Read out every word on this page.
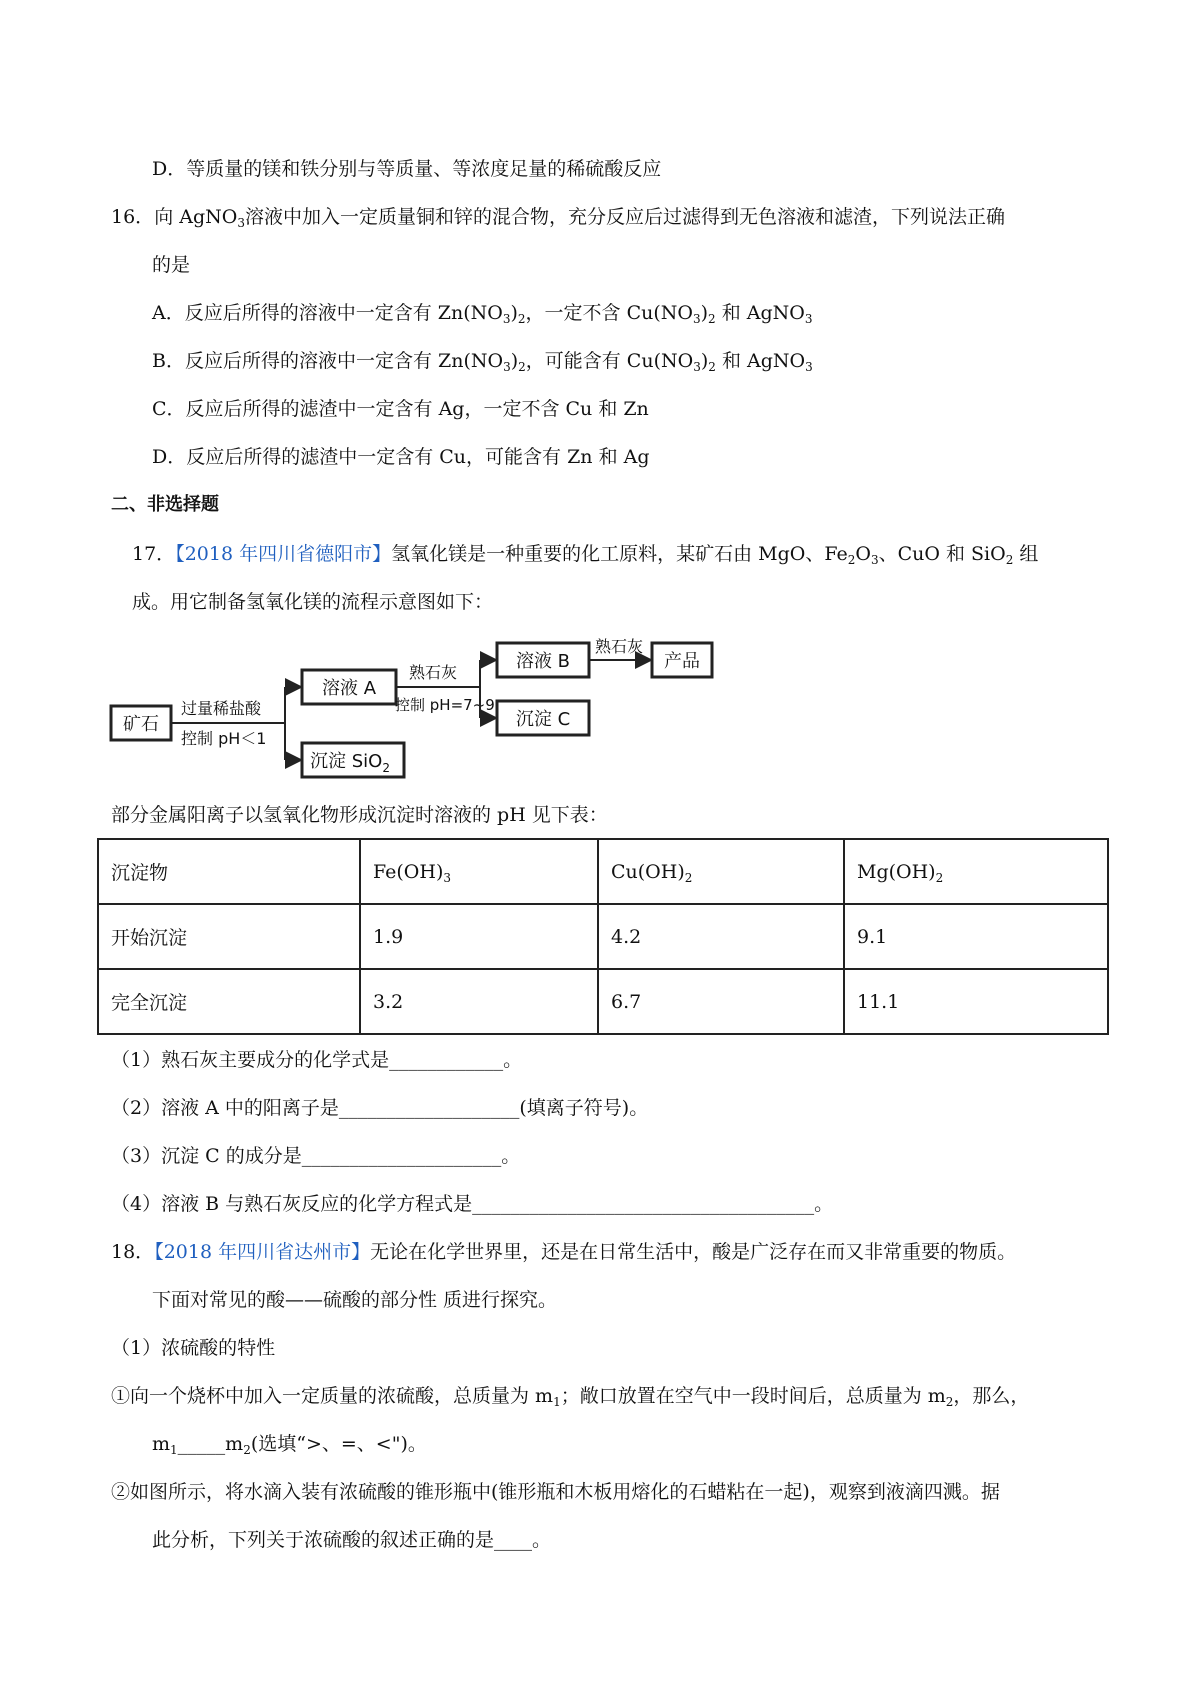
D．等质量的镁和铁分别与等质量、等浓度足量的稀硫酸反应
16．向 AgNO$_3$溶液中加入一定质量铜和锌的混合物，充分反应后过滤得到无色溶液和滤渣，下列说法正确
的是
A．反应后所得的溶液中一定含有 $Zn(NO_3)_2$，一定不含 $Cu(NO_3)_2$ 和 AgNO$_3$
B．反应后所得的溶液中一定含有 $Zn(NO_3)_2$，可能含有 $Cu(NO_3)_2$ 和 AgNO$_3$
C．反应后所得的滤渣中一定含有 Ag，一定不含 Cu 和 Zn
D．反应后所得的滤渣中一定含有 Cu，可能含有 Zn 和 Ag
二、非选择题
17．【2018 年四川省德阳市】氢氧化镁是一种重要的化工原料，某矿石由 MgO、$Fe_2O_3$、CuO 和 SiO$_2$ 组
成。用它制备氢氧化镁的流程示意图如下：
矿石
过量稀盐酸
控制 pH＜1
溶液 A
沉淀 SiO$_2$
熟石灰
控制 pH=7~9
溶液 B
沉淀 C
熟石灰
产品
部分金属阳离子以氢氧化物形成沉淀时溶液的 pH 见下表：
沉淀物	$Fe(OH)_3$	$Cu(OH)_2$	$Mg(OH)_2$
开始沉淀	1.9	4.2	9.1
完全沉淀	3.2	6.7	11.1
（1）熟石灰主要成分的化学式是____________。
（2）溶液 A 中的阳离子是___________________(填离子符号)。
（3）沉淀 C 的成分是_____________________。
（4）溶液 B 与熟石灰反应的化学方程式是____________________________________。
18．【2018 年四川省达州市】无论在化学世界里，还是在日常生活中，酸是广泛存在而又非常重要的物质。
下面对常见的酸——硫酸的部分性 质进行探究。
（1）浓硫酸的特性
①向一个烧杯中加入一定质量的浓硫酸，总质量为 $m_1$；敞口放置在空气中一段时间后，总质量为 $m_2$，那么，
$m_1\_\_\_\_\_m_2$(选填“>、=、<")。
②如图所示，将水滴入装有浓硫酸的锥形瓶中(锥形瓶和木板用熔化的石蜡粘在一起)，观察到液滴四溅。据
此分析，下列关于浓硫酸的叙述正确的是____。
